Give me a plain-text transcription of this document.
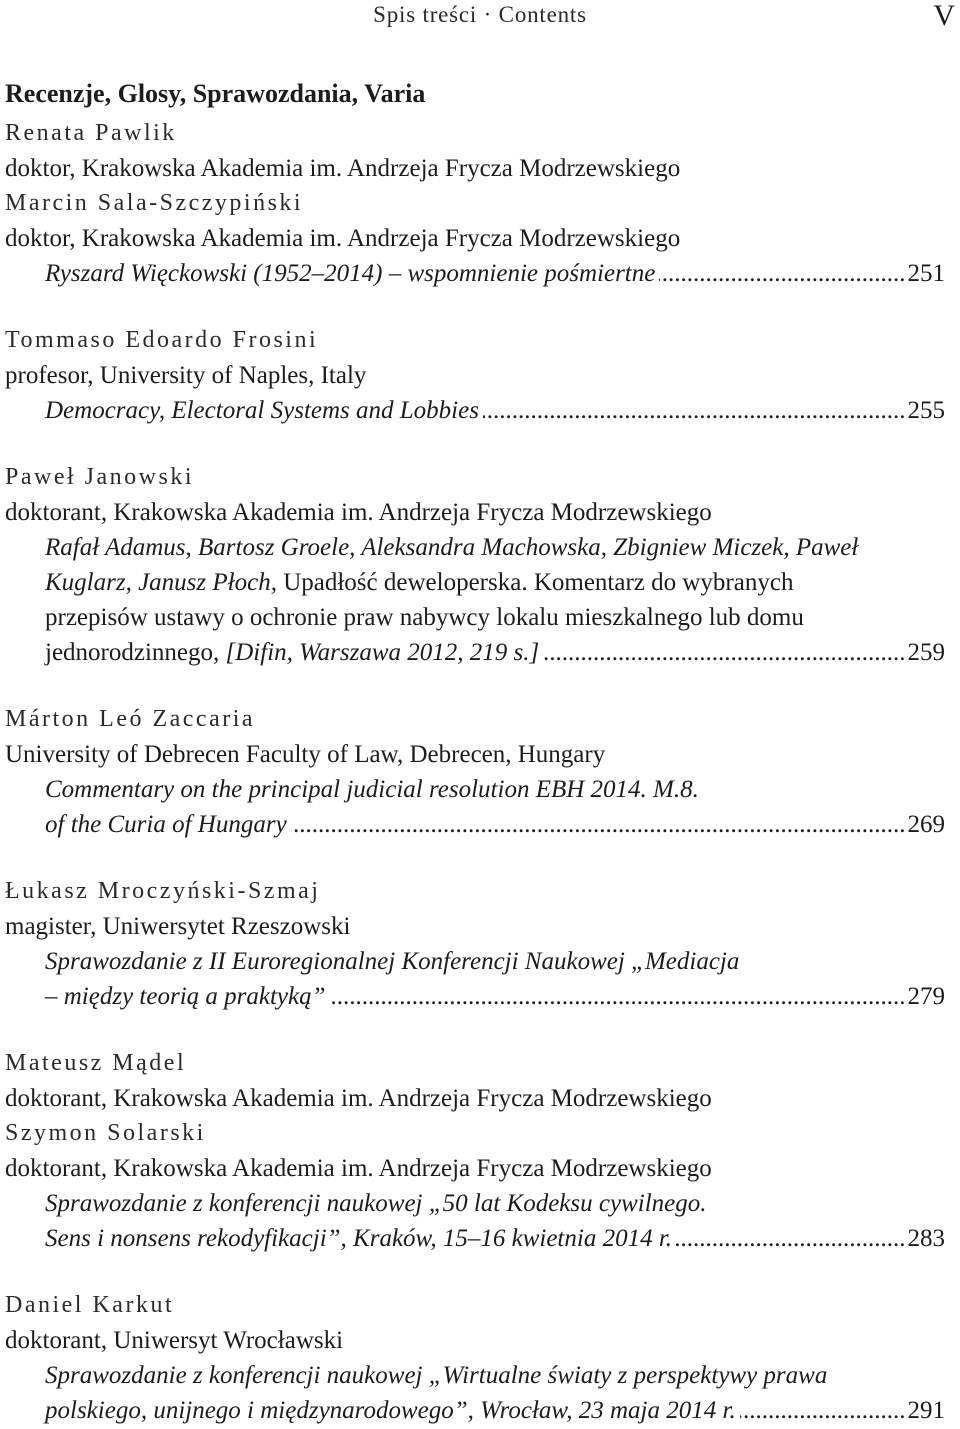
Spis treści · Contents	V
Recenzje, Glosy, Sprawozdania, Varia
Renata Pawlik
doktor, Krakowska Akademia im. Andrzeja Frycza Modrzewskiego
Marcin Sala-Szczypiński
doktor, Krakowska Akademia im. Andrzeja Frycza Modrzewskiego
Ryszard Więckowski (1952–2014) – wspomnienie pośmiertne .....	251
Tommaso Edoardo Frosini
profesor, University of Naples, Italy
Democracy, Electoral Systems and Lobbies .....	255
Paweł Janowski
doktorant, Krakowska Akademia im. Andrzeja Frycza Modrzewskiego
Rafał Adamus, Bartosz Groele, Aleksandra Machowska, Zbigniew Miczek, Paweł
Kuglarz, Janusz Płoch, Upadłość deweloperska. Komentarz do wybranych
przepisów ustawy o ochronie praw nabywcy lokalu mieszkalnego lub domu
jednorodzinnego, [Difin, Warszawa 2012, 219 s.] .....	259
Márton Leó Zaccaria
University of Debrecen Faculty of Law, Debrecen, Hungary
Commentary on the principal judicial resolution EBH 2014. M.8.
of the Curia of Hungary .....	269
Łukasz Mroczyński-Szmaj
magister, Uniwersytet Rzeszowski
Sprawozdanie z II Euroregionalnej Konferencji Naukowej „Mediacja
– między teorią a praktyką” .....	279
Mateusz Mądel
doktorant, Krakowska Akademia im. Andrzeja Frycza Modrzewskiego
Szymon Solarski
doktorant, Krakowska Akademia im. Andrzeja Frycza Modrzewskiego
Sprawozdanie z konferencji naukowej „50 lat Kodeksu cywilnego.
Sens i nonsens rekodyfikacji”, Kraków, 15–16 kwietnia 2014 r. .....	283
Daniel Karkut
doktorant, Uniwersyt Wrocławski
Sprawozdanie z konferencji naukowej „Wirtualne światy z perspektywy prawa
polskiego, unijnego i międzynarodowego”, Wrocław, 23 maja 2014 r. .....	291
